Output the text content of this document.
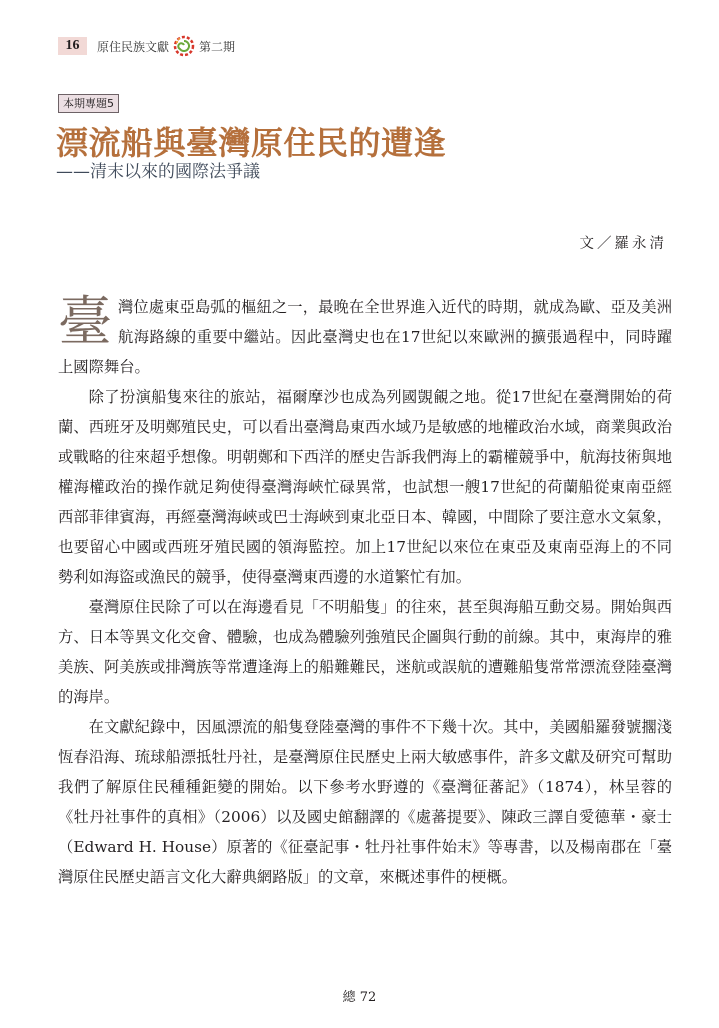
16	原住民族文獻	第二期
本期專題5
漂流船與臺灣原住民的遭逢
——清末以來的國際法爭議
文／羅永清

臺灣位處東亞島弧的樞紐之一，最晚在全世界進入近代的時期，就成為歐、亞及美洲航海路線的重要中繼站。因此臺灣史也在17世紀以來歐洲的擴張過程中，同時躍上國際舞台。

除了扮演船隻來往的旅站，福爾摩沙也成為列國覬覦之地。從17世紀在臺灣開始的荷蘭、西班牙及明鄭殖民史，可以看出臺灣島東西水域乃是敏感的地權政治水域，商業與政治或戰略的往來超乎想像。明朝鄭和下西洋的歷史告訴我們海上的霸權競爭中，航海技術與地權海權政治的操作就足夠使得臺灣海峽忙碌異常，也試想一艘17世紀的荷蘭船從東南亞經西部菲律賓海，再經臺灣海峽或巴士海峽到東北亞日本、韓國，中間除了要注意水文氣象，也要留心中國或西班牙殖民國的領海監控。加上17世紀以來位在東亞及東南亞海上的不同勢利如海盜或漁民的競爭，使得臺灣東西邊的水道繁忙有加。

臺灣原住民除了可以在海邊看見「不明船隻」的往來，甚至與海船互動交易。開始與西方、日本等異文化交會、體驗，也成為體驗列強殖民企圖與行動的前線。其中，東海岸的雅美族、阿美族或排灣族等常遭逢海上的船難難民，迷航或誤航的遭難船隻常常漂流登陸臺灣的海岸。

在文獻紀錄中，因風漂流的船隻登陸臺灣的事件不下幾十次。其中，美國船羅發號擱淺恆春沿海、琉球船漂抵牡丹社，是臺灣原住民歷史上兩大敏感事件，許多文獻及研究可幫助我們了解原住民種種鉅變的開始。以下參考水野遵的《臺灣征蕃記》（1874），林呈蓉的《牡丹社事件的真相》（2006）以及國史館翻譯的《處蕃提要》、陳政三譯自愛德華・豪士（Edward H. House）原著的《征臺記事・牡丹社事件始末》等專書，以及楊南郡在「臺灣原住民歷史語言文化大辭典網路版」的文章，來概述事件的梗概。

總 72
